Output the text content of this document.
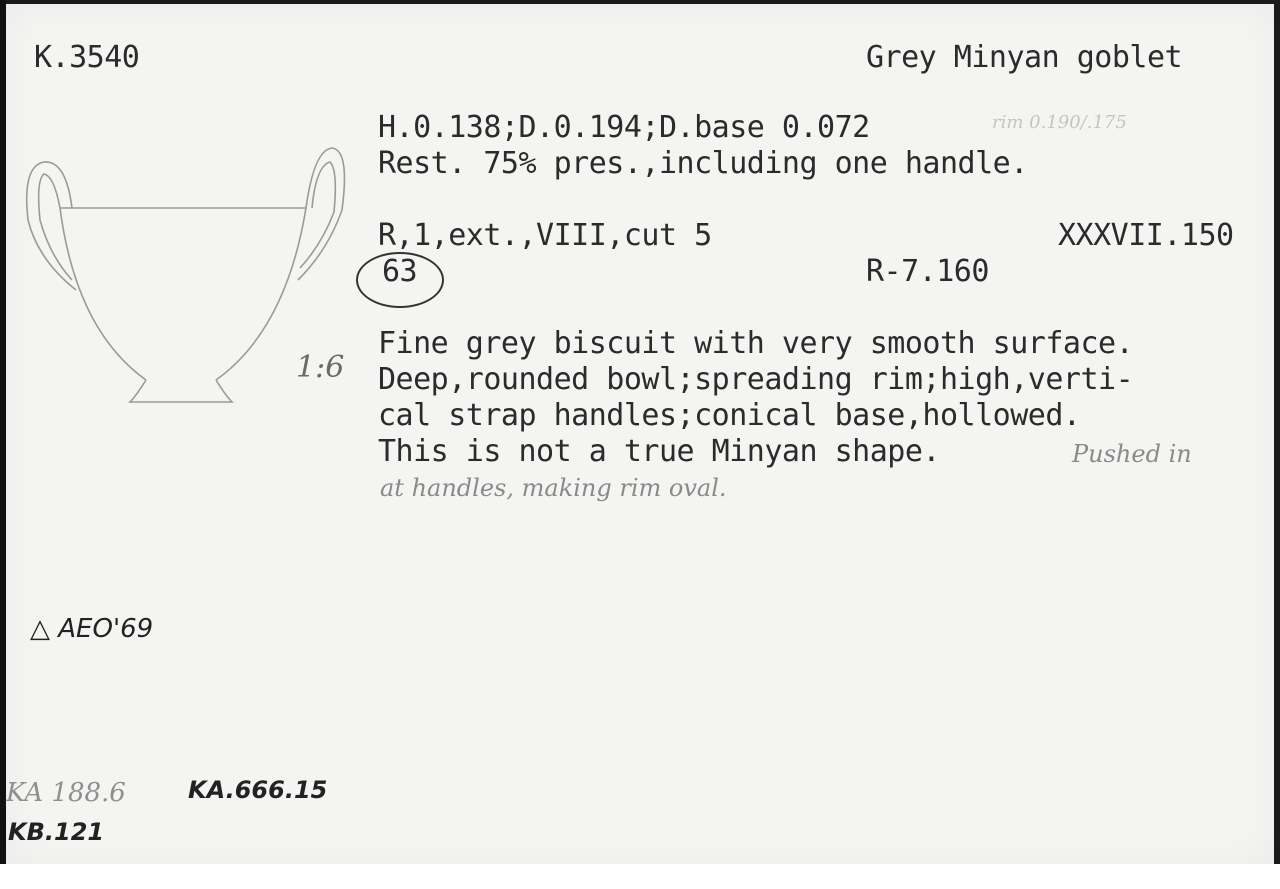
K.3540	Grey Minyan goblet
H.0.138;D.0.194;D.base 0.072	rim 0.190/.175
Rest. 75% pres.,including one handle.
R,1,ext.,VIII,cut 5	XXXVII.150
63	R-7.160
1:6
Fine grey biscuit with very smooth surface.
Deep,rounded bowl;spreading rim;high,verti-
cal strap handles;conical base,hollowed.
This is not a true Minyan shape.	Pushed in
at handles, making rim oval.
△ AEO'69
KA 188.6	KA.666.15
KB.121
